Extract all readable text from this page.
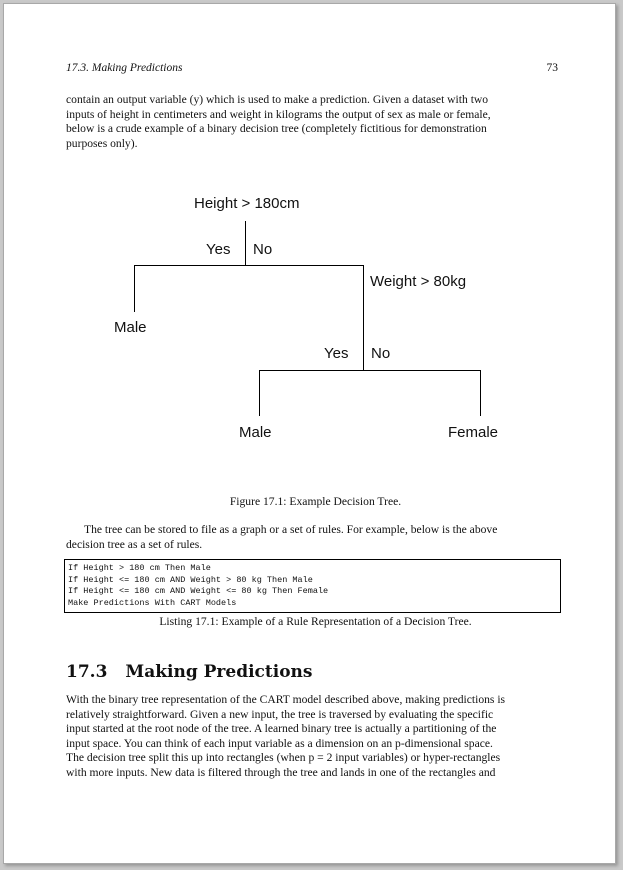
17.3. Making Predictions	73
contain an output variable (y) which is used to make a prediction. Given a dataset with two
inputs of height in centimeters and weight in kilograms the output of sex as male or female,
below is a crude example of a binary decision tree (completely fictitious for demonstration
purposes only).
Height > 180cm
Yes No
Male
Weight > 80kg
Yes No
Male	Female
Figure 17.1: Example Decision Tree.
The tree can be stored to file as a graph or a set of rules. For example, below is the above
decision tree as a set of rules.
If Height > 180 cm Then Male
If Height <= 180 cm AND Weight > 80 kg Then Male
If Height <= 180 cm AND Weight <= 80 kg Then Female
Make Predictions With CART Models
Listing 17.1: Example of a Rule Representation of a Decision Tree.
17.3 Making Predictions
With the binary tree representation of the CART model described above, making predictions is
relatively straightforward. Given a new input, the tree is traversed by evaluating the specific
input started at the root node of the tree. A learned binary tree is actually a partitioning of the
input space. You can think of each input variable as a dimension on an p-dimensional space.
The decision tree split this up into rectangles (when p = 2 input variables) or hyper-rectangles
with more inputs. New data is filtered through the tree and lands in one of the rectangles and
